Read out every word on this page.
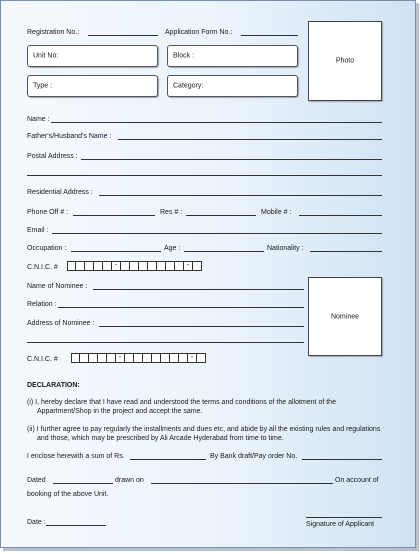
Registration No.:	Application Form No.:
Unit No:	Block :
Type :	Category:
Photo
Name :
Father's/Husband's Name :
Postal Address :
Residential Address :
Phone Off # :	Res # :	Mobile # :
Email :
Occupation :	Age :	Nationality :
C.N.I.C. #	-	-
Name of Nominee :
Relation :
Address of Nominee :
Nominee
C.N.I.C. #	-	-
DECLARATION:
(i) I, hereby declare that I have read and understood the terms and conditions of the allotment of the
Appartment/Shop in the project and accept the same.
(ii) I further agree to pay regularly the installments and dues etc, and abide by all the existing rules and regulations
and those, which may be prescribed by Ali Arcade Hyderabad from time to time.
I enclose herewith a sum of Rs.	By Bank draft/Pay order No.
Dated	drawn on	On account of
booking of the above Unit.
Date :	Signature of Applicant
